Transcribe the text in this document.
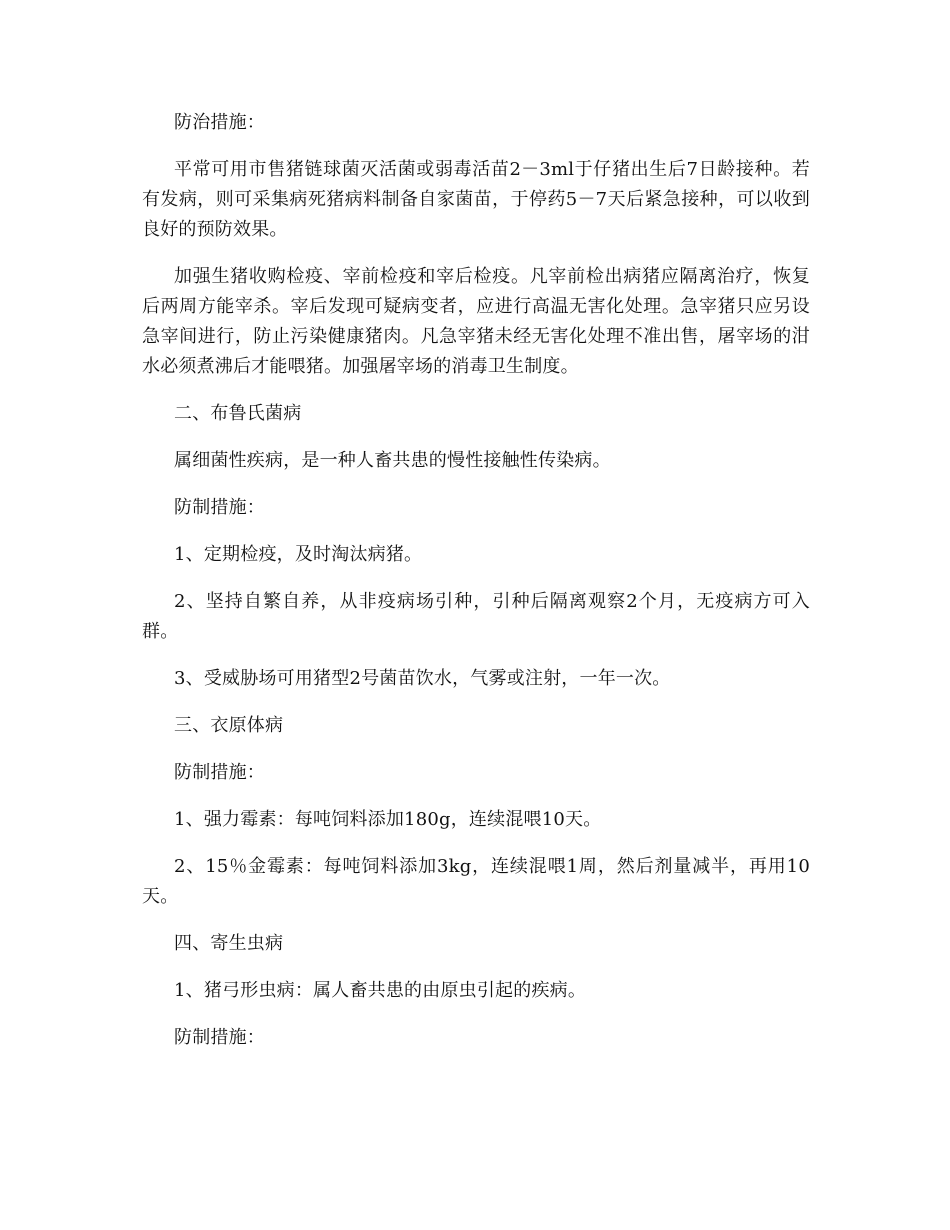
防治措施：

平常可用市售猪链球菌灭活菌或弱毒活苗2－3ml于仔猪出生后7日龄接种。若有发病，则可采集病死猪病料制备自家菌苗，于停药5－7天后紧急接种，可以收到良好的预防效果。

加强生猪收购检疫、宰前检疫和宰后检疫。凡宰前检出病猪应隔离治疗，恢复后两周方能宰杀。宰后发现可疑病变者，应进行高温无害化处理。急宰猪只应另设急宰间进行，防止污染健康猪肉。凡急宰猪未经无害化处理不准出售，屠宰场的泔水必须煮沸后才能喂猪。加强屠宰场的消毒卫生制度。

二、布鲁氏菌病

属细菌性疾病，是一种人畜共患的慢性接触性传染病。

防制措施：

1、定期检疫，及时淘汰病猪。

2、坚持自繁自养，从非疫病场引种，引种后隔离观察2个月，无疫病方可入群。

3、受威胁场可用猪型2号菌苗饮水，气雾或注射，一年一次。

三、衣原体病

防制措施：

1、强力霉素：每吨饲料添加180g，连续混喂10天。

2、15％金霉素：每吨饲料添加3kg，连续混喂1周，然后剂量减半，再用10天。

四、寄生虫病

1、猪弓形虫病：属人畜共患的由原虫引起的疾病。

防制措施：
